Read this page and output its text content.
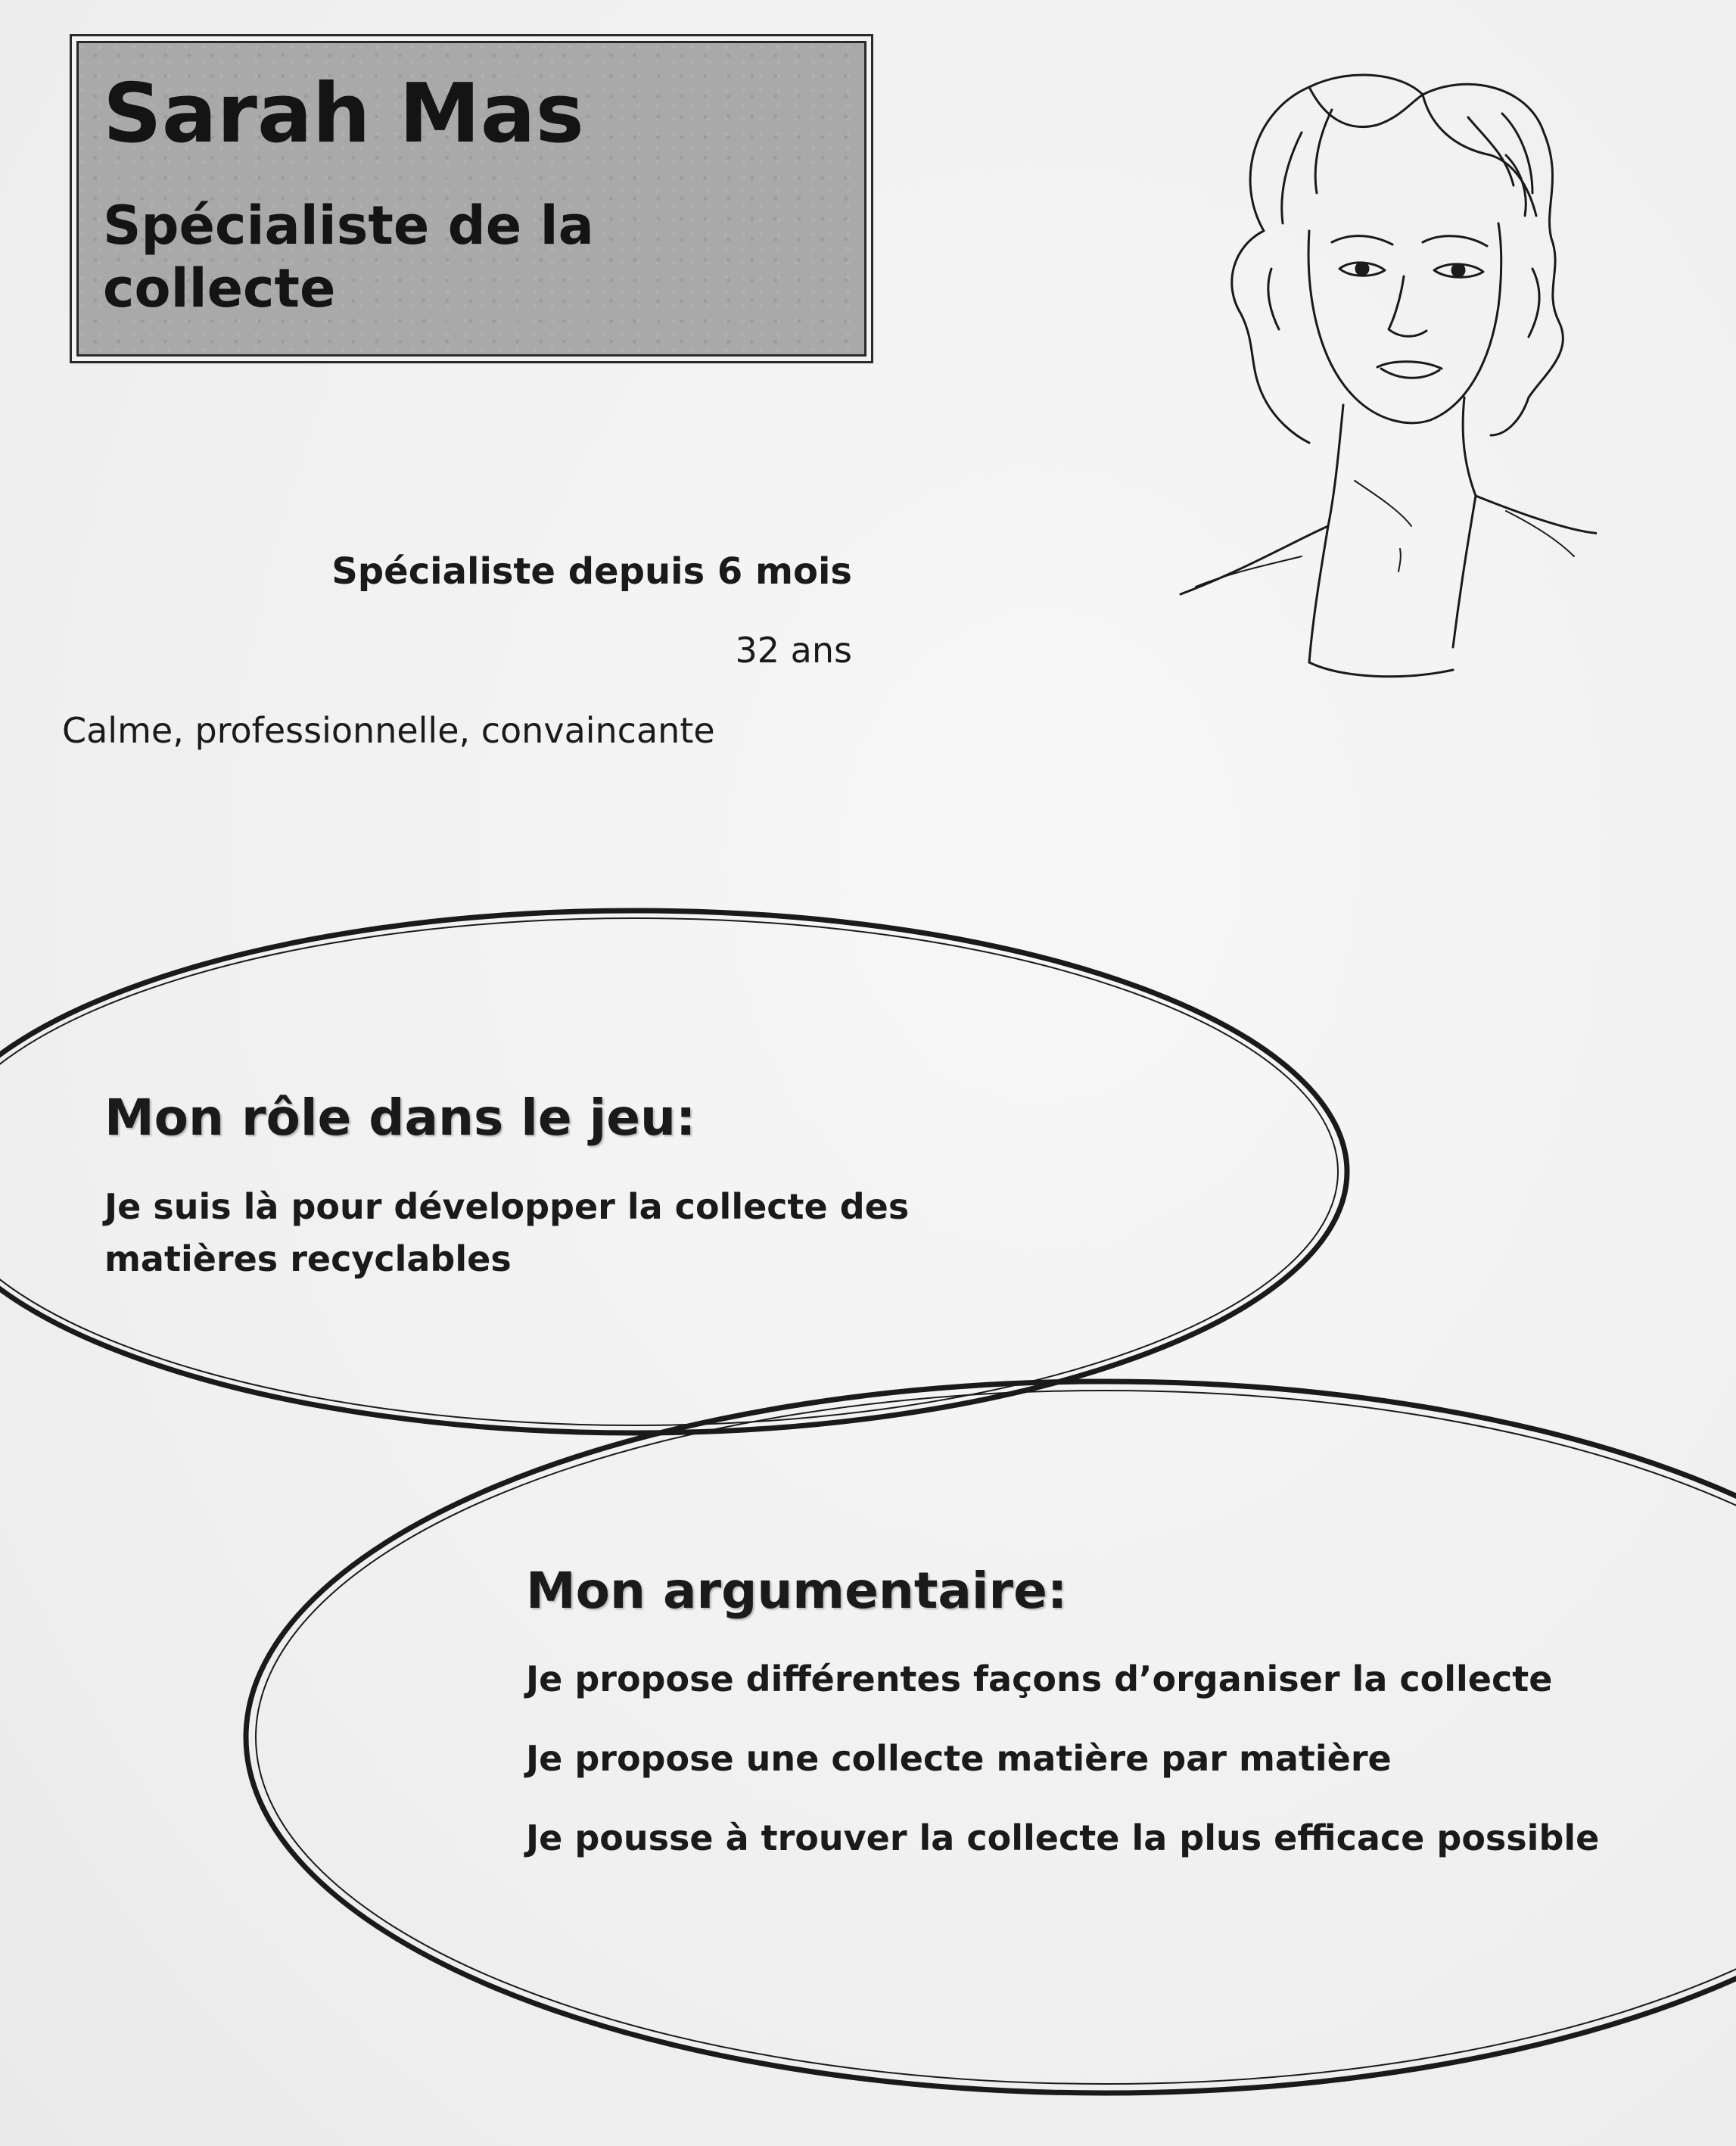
Sarah Mas
Spécialiste de la collecte
Spécialiste depuis 6 mois
32 ans
Calme, professionnelle, convaincante
Mon rôle dans le jeu:
Je suis là pour développer la collecte des
matières recyclables
Mon argumentaire:
Je propose différentes façons d’organiser la collecte
Je propose une collecte matière par matière
Je pousse à trouver la collecte la plus efficace possible
